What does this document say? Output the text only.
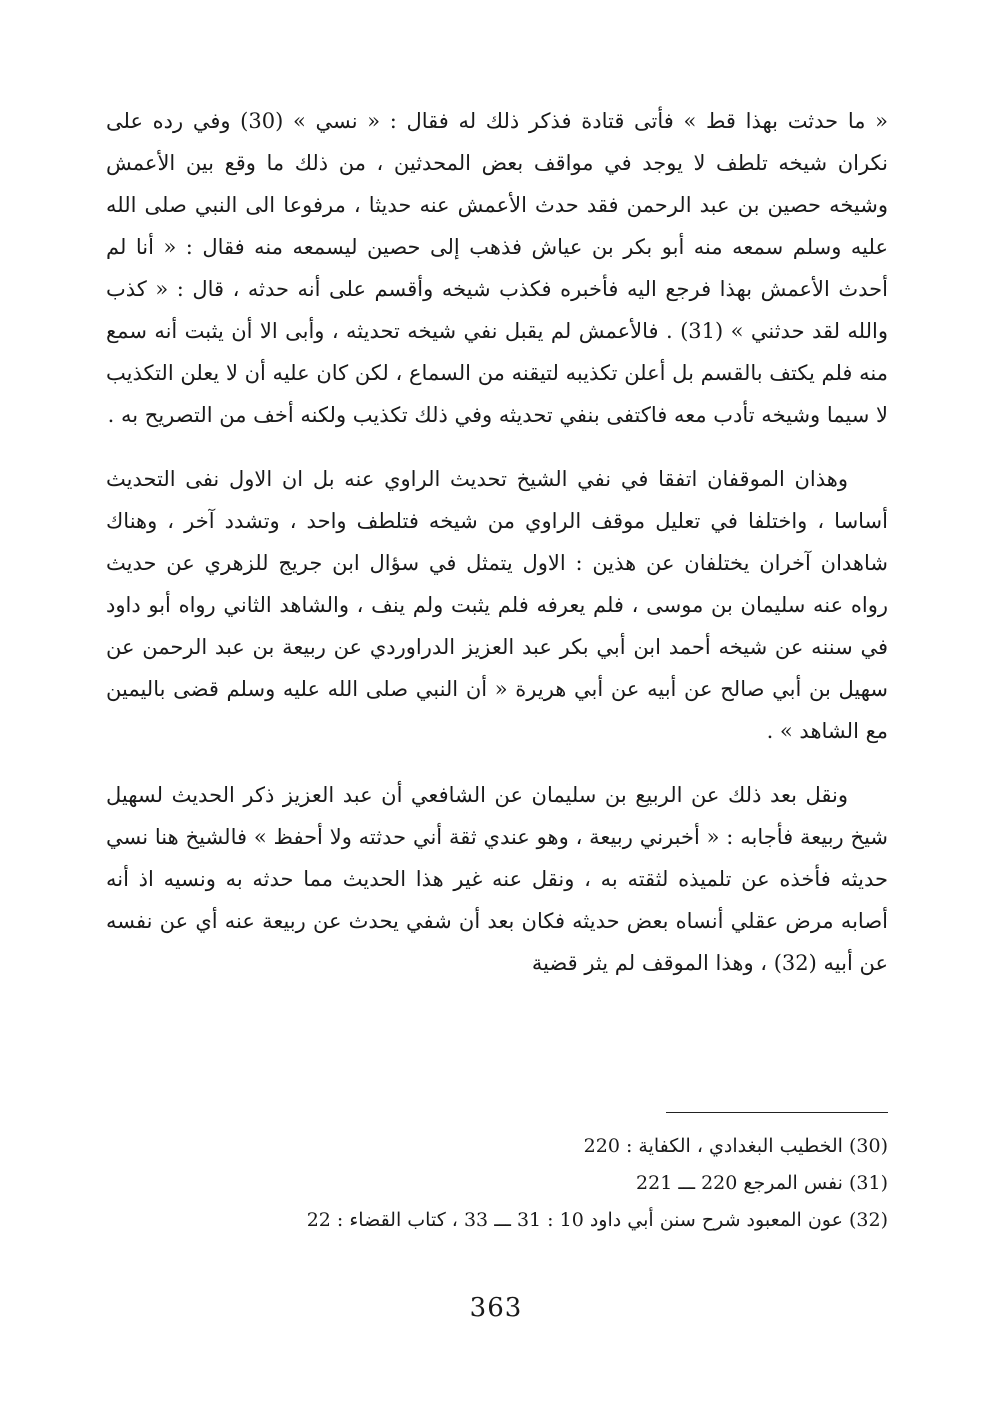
« ما حدثت بهذا قط » فأتى قتادة فذكر ذلك له فقال : « نسي » (30) وفي رده على نكران شيخه تلطف لا يوجد في مواقف بعض المحدثين ، من ذلك ما وقع بين الأعمش وشيخه حصين بن عبد الرحمن فقد حدث الأعمش عنه حديثا ، مرفوعا الى النبي صلى الله عليه وسلم سمعه منه أبو بكر بن عياش فذهب إلى حصين ليسمعه منه فقال : « أنا لم أحدث الأعمش بهذا فرجع اليه فأخبره فكذب شيخه وأقسم على أنه حدثه ، قال : « كذب والله لقد حدثني » (31) . فالأعمش لم يقبل نفي شيخه تحديثه ، وأبى الا أن يثبت أنه سمع منه فلم يكتف بالقسم بل أعلن تكذيبه لتيقنه من السماع ، لكن كان عليه أن لا يعلن التكذيب لا سيما وشيخه تأدب معه فاكتفى بنفي تحديثه وفي ذلك تكذيب ولكنه أخف من التصريح به .

وهذان الموقفان اتفقا في نفي الشيخ تحديث الراوي عنه بل ان الاول نفى التحديث أساسا ، واختلفا في تعليل موقف الراوي من شيخه فتلطف واحد ، وتشدد آخر ، وهناك شاهدان آخران يختلفان عن هذين : الاول يتمثل في سؤال ابن جريج للزهري عن حديث رواه عنه سليمان بن موسى ، فلم يعرفه فلم يثبت ولم ينف ، والشاهد الثاني رواه أبو داود في سننه عن شيخه أحمد ابن أبي بكر عبد العزيز الدراوردي عن ربيعة بن عبد الرحمن عن سهيل بن أبي صالح عن أبيه عن أبي هريرة « أن النبي صلى الله عليه وسلم قضى باليمين مع الشاهد » .

ونقل بعد ذلك عن الربيع بن سليمان عن الشافعي أن عبد العزيز ذكر الحديث لسهيل شيخ ربيعة فأجابه : « أخبرني ربيعة ، وهو عندي ثقة أني حدثته ولا أحفظ » فالشيخ هنا نسي حديثه فأخذه عن تلميذه لثقته به ، ونقل عنه غير هذا الحديث مما حدثه به ونسيه اذ أنه أصابه مرض عقلي أنساه بعض حديثه فكان بعد أن شفي يحدث عن ربيعة عنه أي عن نفسه عن أبيه (32) ، وهذا الموقف لم يثر قضية

(30) الخطيب البغدادي ، الكفاية : 220

(31) نفس المرجع 220 ـــ 221

(32) عون المعبود شرح سنن أبي داود 10 : 31 ـــ 33 ، كتاب القضاء : 22

363
